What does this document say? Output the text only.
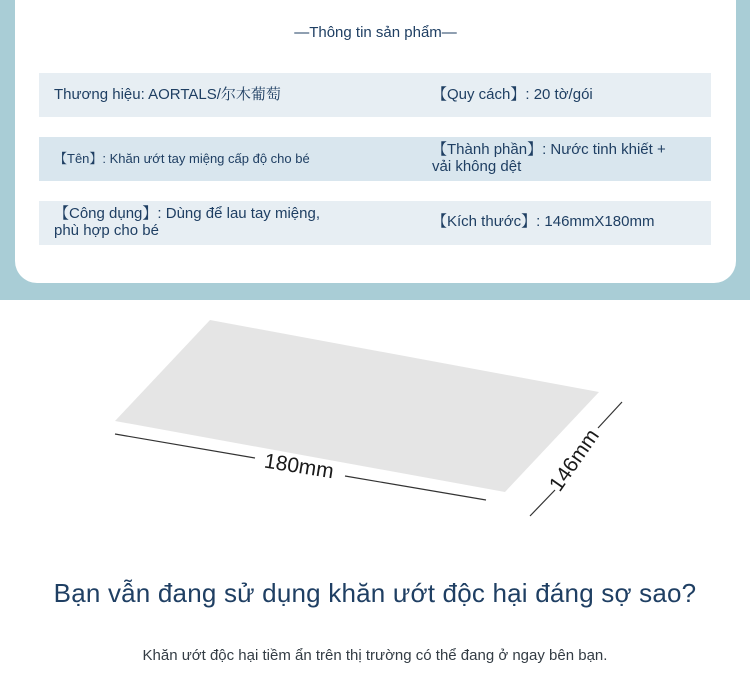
—Thông tin sản phẩm—
Thương hiệu: AORTALS/尔木葡萄	【Quy cách】: 20 tờ/gói
【Tên】: Khăn ướt tay miệng cấp độ cho bé
【Thành phần】: Nước tinh khiết +
vải không dệt
【Công dụng】: Dùng để lau tay miệng,
phù hợp cho bé
【Kích thước】: 146mmX180mm
180mm	146mm
Bạn vẫn đang sử dụng khăn ướt độc hại đáng sợ sao?
Khăn ướt độc hại tiềm ẩn trên thị trường có thể đang ở ngay bên bạn.
